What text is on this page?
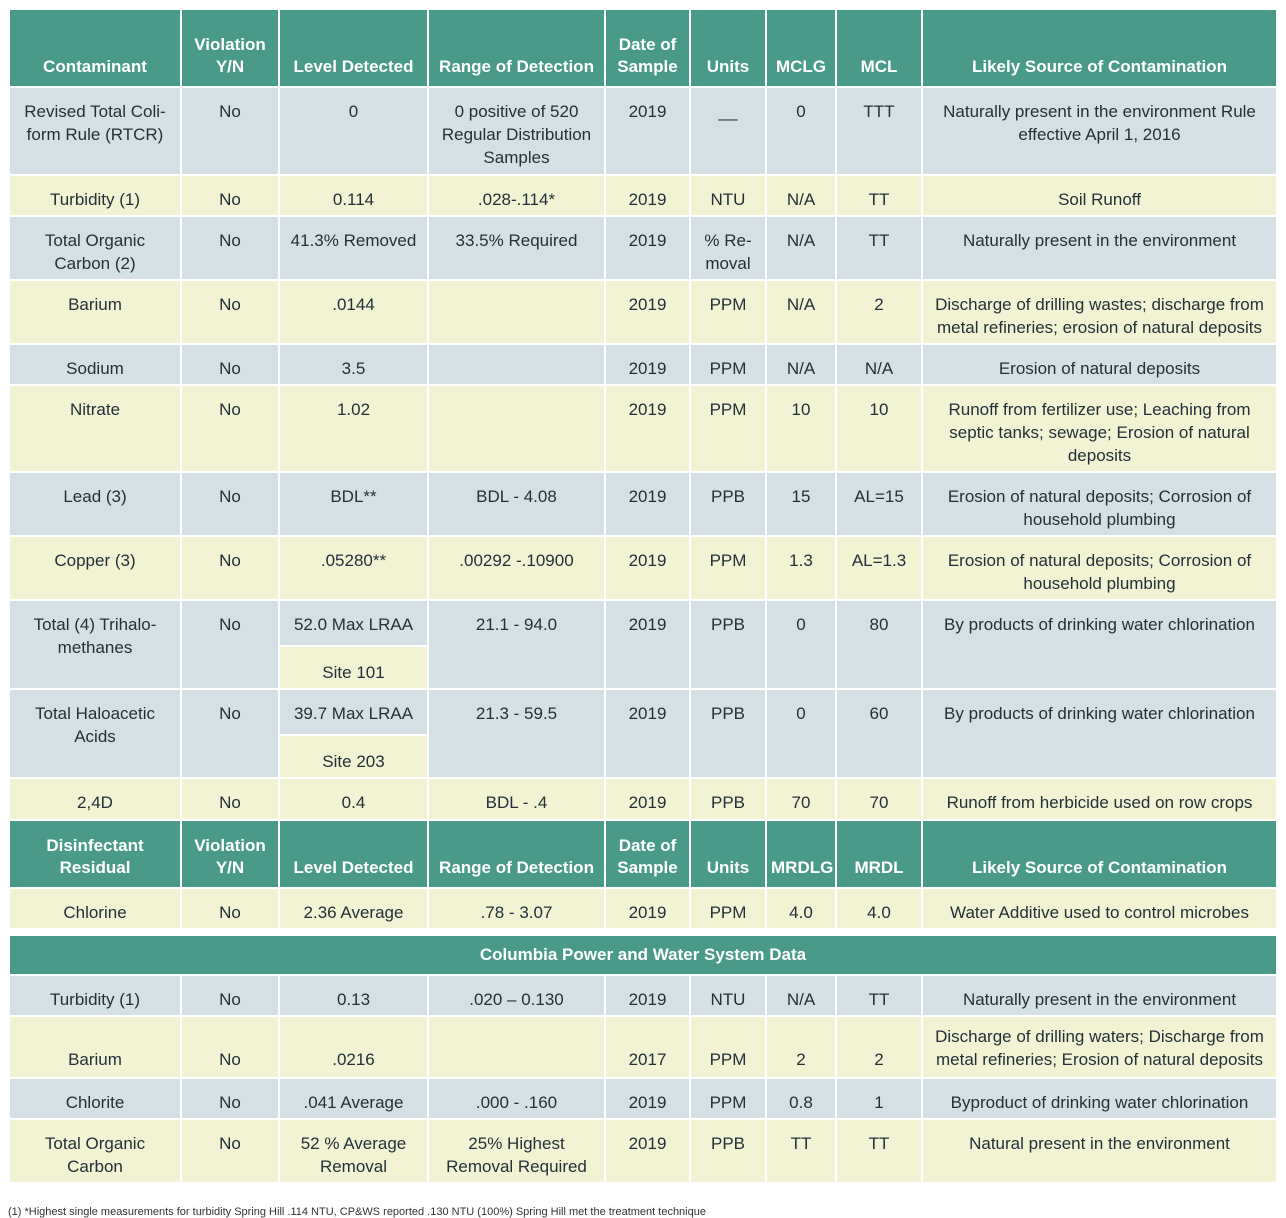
Contaminant	Violation Y/N	Level Detected	Range of Detection	Date of Sample	Units	MCLG	MCL	Likely Source of Contamination
Revised Total Coli-form Rule (RTCR)	No	0	0 positive of 520 Regular Distribution Samples	2019	__	0	TTT	Naturally present in the environment Rule effective April 1, 2016
Turbidity (1)	No	0.114	.028-.114*	2019	NTU	N/A	TT	Soil Runoff
Total Organic Carbon (2)	No	41.3% Removed	33.5% Required	2019	% Re-moval	N/A	TT	Naturally present in the environment
Barium	No	.0144		2019	PPM	N/A	2	Discharge of drilling wastes; discharge from metal refineries; erosion of natural deposits
Sodium	No	3.5		2019	PPM	N/A	N/A	Erosion of natural deposits
Nitrate	No	1.02		2019	PPM	10	10	Runoff from fertilizer use; Leaching from septic tanks; sewage; Erosion of natural deposits
Lead (3)	No	BDL**	BDL - 4.08	2019	PPB	15	AL=15	Erosion of natural deposits; Corrosion of household plumbing
Copper (3)	No	.05280**	.00292 -.10900	2019	PPM	1.3	AL=1.3	Erosion of natural deposits; Corrosion of household plumbing
Total (4) Trihalo-methanes	No	52.0 Max LRAA	21.1 - 94.0	2019	PPB	0	80	By products of drinking water chlorination
		Site 101						
Total Haloacetic Acids	No	39.7 Max LRAA	21.3 - 59.5	2019	PPB	0	60	By products of drinking water chlorination
		Site 203						
2,4D	No	0.4	BDL - .4	2019	PPB	70	70	Runoff from herbicide used on row crops
Disinfectant Residual	Violation Y/N	Level Detected	Range of Detection	Date of Sample	Units	MRDLG	MRDL	Likely Source of Contamination
Chlorine	No	2.36 Average	.78 - 3.07	2019	PPM	4.0	4.0	Water Additive used to control microbes

Columbia Power and Water System Data								
Turbidity (1)	No	0.13	.020 – 0.130	2019	NTU	N/A	TT	Naturally present in the environment
Barium	No	.0216		2017	PPM	2	2	Discharge of drilling waters; Discharge from metal refineries; Erosion of natural deposits
Chlorite	No	.041 Average	.000 - .160	2019	PPM	0.8	1	Byproduct of drinking water chlorination
Total Organic Carbon	No	52 % Average Removal	25% Highest Removal Required	2019	PPB	TT	TT	Natural present in the environment
(1) *Highest single measurements for turbidity Spring Hill .114 NTU, CP&WS reported .130 NTU (100%) Spring Hill met the treatment technique
